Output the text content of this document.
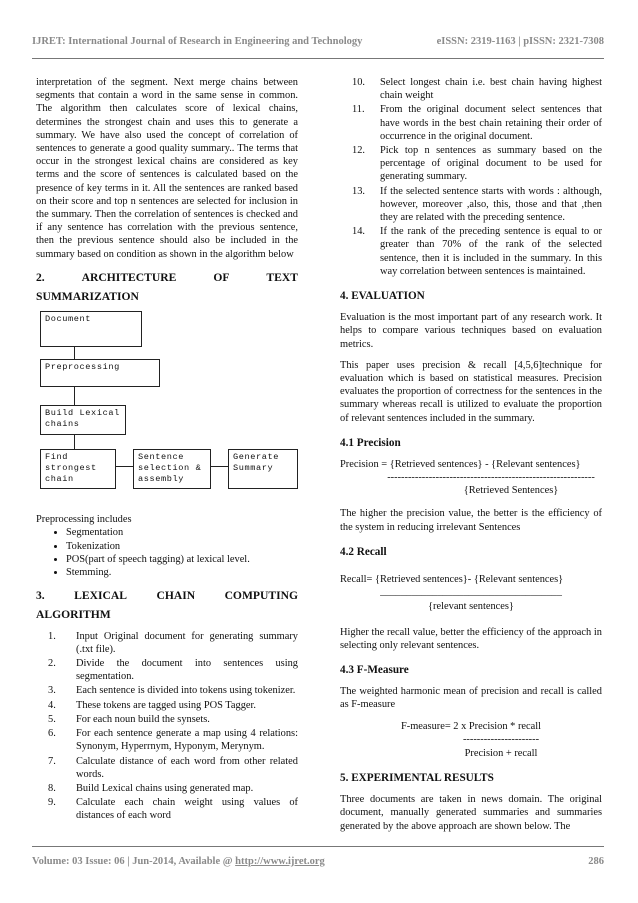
IJRET: International Journal of Research in Engineering and Technology	eISSN: 2319-1163 | pISSN: 2321-7308

interpretation of the segment. Next merge chains between segments that contain a word in the same sense in common. The algorithm then calculates score of lexical chains, determines the strongest chain and uses this to generate a summary. We have also used the concept of correlation of sentences to generate a good quality summary.. The terms that occur in the strongest lexical chains are considered as key terms and the score of sentences is calculated based on the presence of key terms in it. All the sentences are ranked based on their score and top n sentences are selected for inclusion in the summary. Then the correlation of sentences is checked and if any sentence has correlation with the previous sentence, then the previous sentence should also be included in the summary based on condition as shown in the algorithm below

2.	ARCHITECTURE	OF	TEXT
SUMMARIZATION
Document
Preprocessing
Build Lexical
chains
Find
strongest
chain
Sentence
selection &
assembly
Generate
Summary
Preprocessing includes
• Segmentation
• Tokenization
• POS(part of speech tagging) at lexical level.
• Stemming.
3.	LEXICAL	CHAIN	COMPUTING
ALGORITHM
1.	Input Original document for generating summary (.txt file).
2.	Divide the document into sentences using segmentation.
3.	Each sentence is divided into tokens using tokenizer.
4.	These tokens are tagged using POS Tagger.
5.	For each noun build the synsets.
6.	For each sentence generate a map using 4 relations: Synonym, Hyperrnym, Hyponym, Merynym.
7.	Calculate distance of each word from other related words.
8.	Build Lexical chains using generated map.
9.	Calculate each chain weight using values of distances of each word
10.	Select longest chain i.e. best chain having highest chain weight
11.	From the original document select sentences that have words in the best chain retaining their order of occurrence in the original document.
12.	Pick top n sentences as summary based on the percentage of original document to be used for generating summary.
13.	If the selected sentence starts with words : although, however, moreover ,also, this, those and that ,then they are related with the preceding sentence.
14.	If the rank of the preceding sentence is equal to or greater than 70% of the rank of the selected sentence, then it is included in the summary. In this way correlation between sentences is maintained.
4. EVALUATION

Evaluation is the most important part of any research work. It helps to compare various techniques based on evaluation metrics.

This paper uses precision & recall [4,5,6]technique for evaluation which is based on statistical measures. Precision evaluates the proportion of correctness for the sentences in the summary whereas recall is utilized to evaluate the proportion of relevant sentences included in the summary.

4.1 Precision
Precision = {Retrieved sentences} - {Relevant sentences}
------------------------------------------------------------
{Retrieved Sentences}

The higher the precision value, the better is the efficiency of the system in reducing irrelevant Sentences

4.2 Recall
Recall= {Retrieved sentences}- {Relevant sentences}
___________________________________
{relevant sentences}

Higher the recall value, better the efficiency of the approach in selecting only relevant sentences.

4.3 F-Measure

The weighted harmonic mean of precision and recall is called as F-measure

F-measure= 2 x Precision * recall
----------------------
Precision + recall
5. EXPERIMENTAL RESULTS

Three documents are taken in news domain. The original document, manually generated summaries and summaries generated by the above approach are shown below. The

Volume: 03 Issue: 06 | Jun-2014, Available @ http://www.ijret.org	286
